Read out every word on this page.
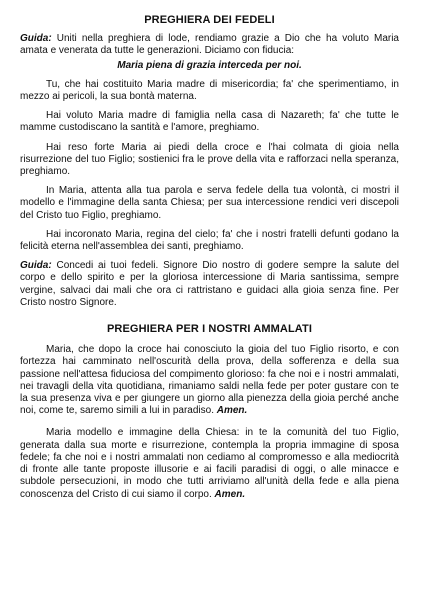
PREGHIERA DEI FEDELI

Guida: Uniti nella preghiera di lode, rendiamo grazie a Dio che ha voluto Maria amata e venerata da tutte le generazioni. Diciamo con fiducia:

Maria piena di grazia interceda per noi.

Tu, che hai costituito Maria madre di misericordia; fa' che sperimentiamo, in mezzo ai pericoli, la sua bontà materna.

Hai voluto Maria madre di famiglia nella casa di Nazareth; fa' che tutte le mamme custodiscano la santità e l'amore, preghiamo.

Hai reso forte Maria ai piedi della croce e l'hai colmata di gioia nella risurrezione del tuo Figlio; sostienici fra le prove della vita e rafforzaci nella speranza, preghiamo.

In Maria, attenta alla tua parola e serva fedele della tua volontà, ci mostri il modello e l'immagine della santa Chiesa; per sua intercessione rendici veri discepoli del Cristo tuo Figlio, preghiamo.

Hai incoronato Maria, regina del cielo; fa' che i nostri fratelli defunti godano la felicità eterna nell'assemblea dei santi, preghiamo.

Guida: Concedi ai tuoi fedeli. Signore Dio nostro di godere sempre la salute del corpo e dello spirito e per la gloriosa intercessione di Maria santissima, sempre vergine, salvaci dai mali che ora ci rattristano e guidaci alla gioia senza fine. Per Cristo nostro Signore.

PREGHIERA PER I NOSTRI AMMALATI

Maria, che dopo la croce hai conosciuto la gioia del tuo Figlio risorto, e con fortezza hai camminato nell'oscurità della prova, della sofferenza e della sua passione nell'attesa fiduciosa del compimento glorioso: fa che noi e i nostri ammalati, nei travagli della vita quotidiana, rimaniamo saldi nella fede per poter gustare con te la sua presenza viva e per giungere un giorno alla pienezza della gioia perché anche noi, come te, saremo simili a lui in paradiso. Amen.

Maria modello e immagine della Chiesa: in te la comunità del tuo Figlio, generata dalla sua morte e risurrezione, contempla la propria immagine di sposa fedele; fa che noi e i nostri ammalati non cediamo al compromesso e alla mediocrità di fronte alle tante proposte illusorie e ai facili paradisi di oggi, o alle minacce e subdole persecuzioni, in modo che tutti arriviamo all'unità della fede e alla piena conoscenza del Cristo di cui siamo il corpo. Amen.
